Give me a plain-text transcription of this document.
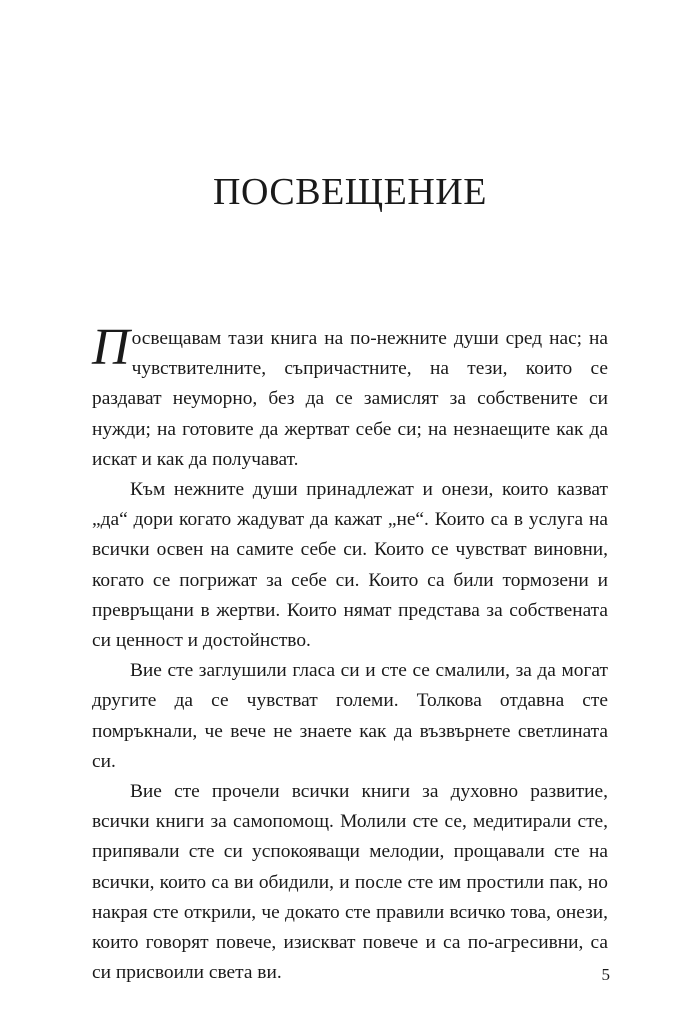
ПОСВЕЩЕНИЕ

Посвещавам тази книга на по-нежните души сред нас; на чувствителните, съпричастните, на тези, които се раздават неуморно, без да се замислят за собствените си нужди; на готовите да жертват себе си; на незнаещите как да искат и как да получават.

Към нежните души принадлежат и онези, които казват „да“ дори когато жадуват да кажат „не“. Които са в услуга на всички освен на самите себе си. Които се чувстват виновни, когато се погрижат за себе си. Които са били тормозени и превръщани в жертви. Които нямат представа за собствената си ценност и достойнство.

Вие сте заглушили гласа си и сте се смалили, за да могат другите да се чувстват големи. Толкова отдавна сте помръкнали, че вече не знаете как да възвърнете светлината си.

Вие сте прочели всички книги за духовно развитие, всички книги за самопомощ. Молили сте се, медитирали сте, припявали сте си успокояващи мелодии, прощавали сте на всички, които са ви обидили, и после сте им простили пак, но накрая сте открили, че докато сте правили всичко това, онези, които говорят повече, изискват повече и са по-агресивни, са си присвоили света ви.	5
